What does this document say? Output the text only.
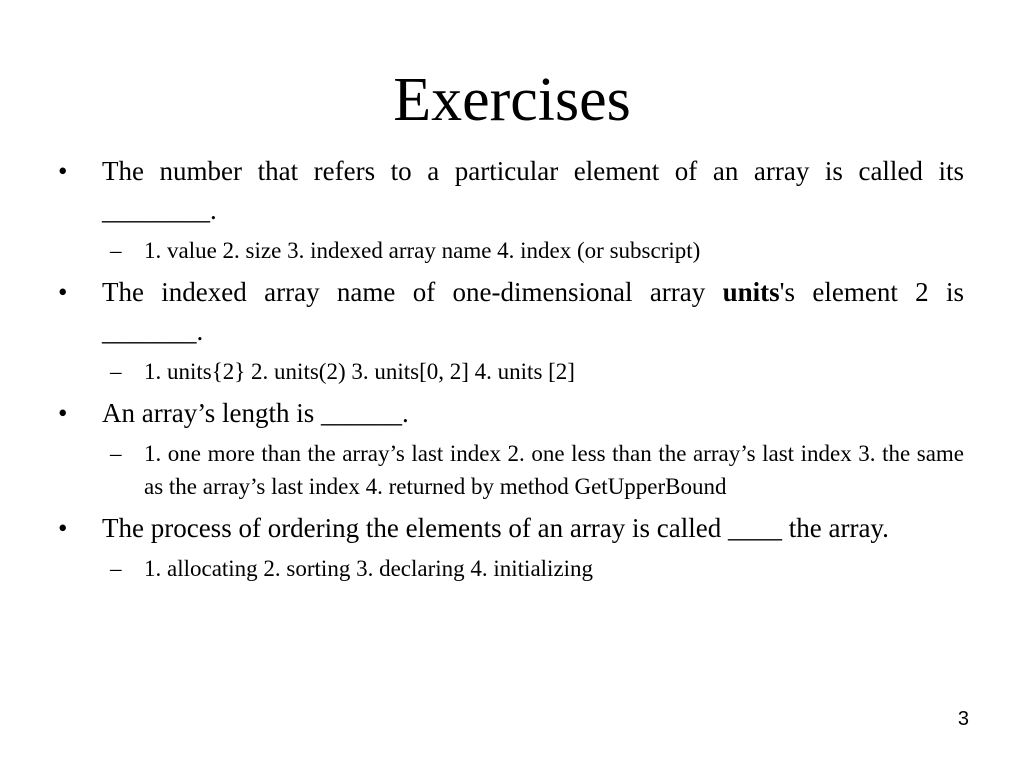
Exercises
•	The number that refers to a particular element of an array is called its ________.
– 1. value 2. size 3. indexed array name 4. index (or subscript)
•	The indexed array name of one-dimensional array units's element 2 is _______.
– 1. units{2} 2. units(2) 3. units[0, 2] 4. units [2]
•	An array’s length is ______.
– 1. one more than the array’s last index 2. one less than the array’s last index 3. the same as the array’s last index 4. returned by method GetUpperBound
•	The process of ordering the elements of an array is called ____ the array.
– 1. allocating 2. sorting 3. declaring 4. initializing
3
